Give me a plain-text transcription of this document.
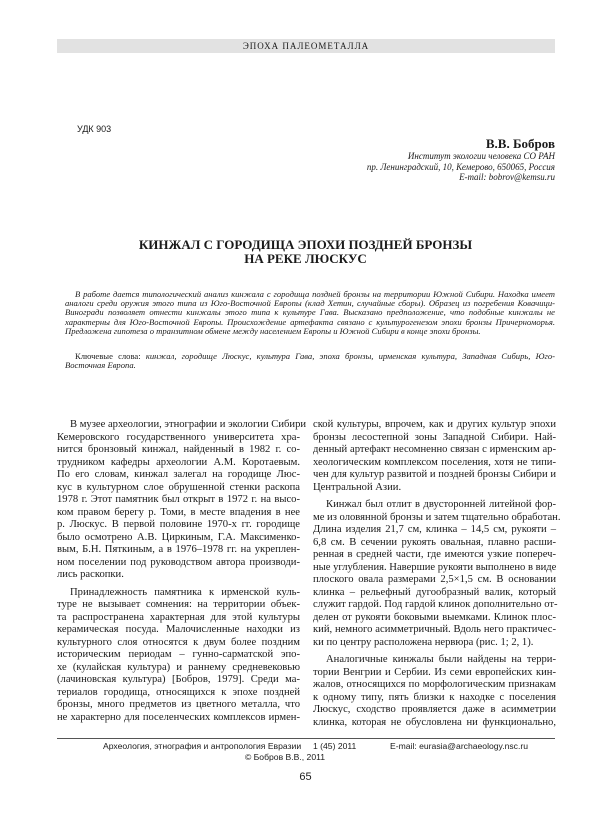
ЭПОХА ПАЛЕОМЕТАЛЛА
УДК 903
В.В. Бобров
Институт экологии человека СО РАН
пр. Ленинградский, 10, Кемерово, 650065, Россия
E-mail: bobrov@kemsu.ru
КИНЖАЛ С ГОРОДИЩА ЭПОХИ ПОЗДНЕЙ БРОНЗЫ
НА РЕКЕ ЛЮСКУС
В работе дается типологический анализ кинжала с городища поздней бронзы на территории Южной Сибири. Находка имеет аналоги среди оружия этого типа из Юго-Восточной Европы (клад Хетин, случайные сборы). Образец из погребения Ковачици-Виногради позволяет отнести кинжалы этого типа к культуре Гава. Высказано предположение, что подобные кинжалы не характерны для Юго-Восточной Европы. Происхождение артефакта связано с культурогенезом эпохи бронзы Причерноморья. Предложена гипотеза о транзитном обмене между населением Европы и Южной Сибири в конце эпохи бронзы.
Ключевые слова: кинжал, городище Люскус, культура Гава, эпоха бронзы, ирменская культура, Западная Сибирь, Юго-Восточная Европа.
В музее археологии, этнографии и экологии Сибири
Кемеровского государственного университета хра-
нится бронзовый кинжал, найденный в 1982 г. со-
трудником кафедры археологии А.М. Коротаевым.
По его словам, кинжал залегал на городище Люс-
кус в культурном слое обрушенной стенки раскопа
1978 г. Этот памятник был открыт в 1972 г. на высо-
ком правом берегу р. Томи, в месте впадения в нее
р. Люскус. В первой половине 1970-х гг. городище
было осмотрено А.В. Циркиным, Г.А. Максименко-
вым, Б.Н. Пяткиным, а в 1976–1978 гг. на укреплен-
ном поселении под руководством автора производи-
лись раскопки.
Принадлежность памятника к ирменской куль-
туре не вызывает сомнения: на территории объек-
та распространена характерная для этой культуры
керамическая посуда. Малочисленные находки из
культурного слоя относятся к двум более поздним
историческим периодам – гунно-сарматской эпо-
хе (кулайская культура) и раннему средневековью
(лачиновская культура) [Бобров, 1979]. Среди ма-
териалов городища, относящихся к эпохе поздней
бронзы, много предметов из цветного металла, что
не характерно для поселенческих комплексов ирмен-
ской культуры, впрочем, как и других культур эпохи
бронзы лесостепной зоны Западной Сибири. Най-
денный артефакт несомненно связан с ирменским ар-
хеологическим комплексом поселения, хотя не типи-
чен для культур развитой и поздней бронзы Сибири и
Центральной Азии.
Кинжал был отлит в двусторонней литейной фор-
ме из оловянной бронзы и затем тщательно обработан.
Длина изделия 21,7 см, клинка – 14,5 см, рукояти –
6,8 см. В сечении рукоять овальная, плавно расши-
ренная в средней части, где имеются узкие попереч-
ные углубления. Навершие рукояти выполнено в виде
плоского овала размерами 2,5×1,5 см. В основании
клинка – рельефный дугообразный валик, который
служит гардой. Под гардой клинок дополнительно от-
делен от рукояти боковыми выемками. Клинок плос-
кий, немного асимметричный. Вдоль него практичес-
ки по центру расположена нервюра (рис. 1; 2, 1).
Аналогичные кинжалы были найдены на терри-
тории Венгрии и Сербии. Из семи европейских кин-
жалов, относящихся по морфологическим признакам
к одному типу, пять близки к находке с поселения
Люскус, сходство проявляется даже в асимметрии
клинка, которая не обусловлена ни функционально,
Археология, этнография и антропология Евразии 1 (45) 2011	E-mail: eurasia@archaeology.nsc.ru
© Бобров В.В., 2011
65
